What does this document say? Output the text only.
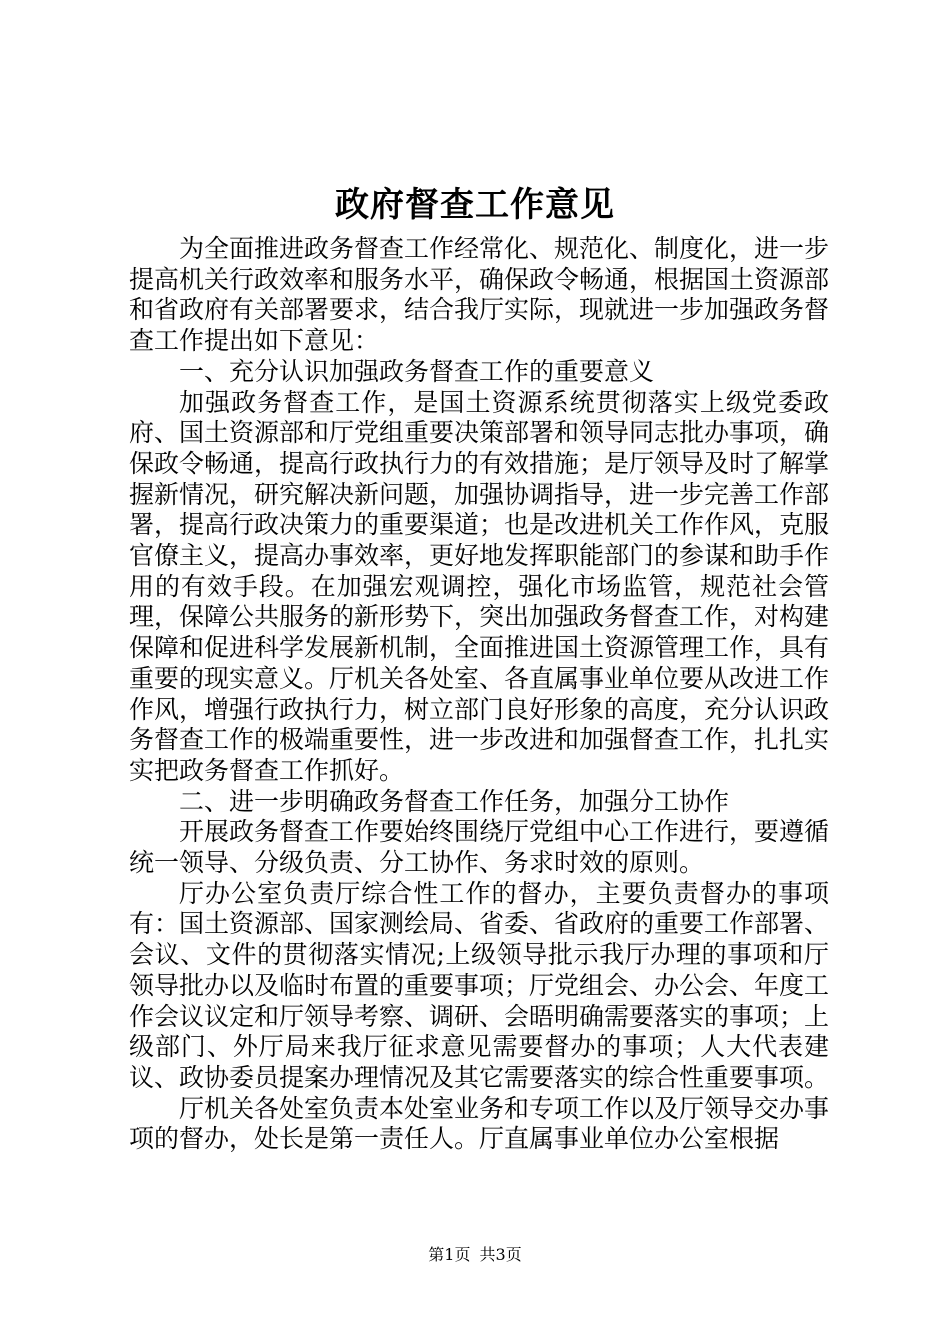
政府督查工作意见

为全面推进政务督查工作经常化、规范化、制度化，进一步提高机关行政效率和服务水平，确保政令畅通，根据国土资源部和省政府有关部署要求，结合我厅实际，现就进一步加强政务督查工作提出如下意见：

一、充分认识加强政务督查工作的重要意义

加强政务督查工作，是国土资源系统贯彻落实上级党委政府、国土资源部和厅党组重要决策部署和领导同志批办事项，确保政令畅通，提高行政执行力的有效措施；是厅领导及时了解掌握新情况，研究解决新问题，加强协调指导，进一步完善工作部署，提高行政决策力的重要渠道；也是改进机关工作作风，克服官僚主义，提高办事效率，更好地发挥职能部门的参谋和助手作用的有效手段。在加强宏观调控，强化市场监管，规范社会管理，保障公共服务的新形势下，突出加强政务督查工作，对构建保障和促进科学发展新机制，全面推进国土资源管理工作，具有重要的现实意义。厅机关各处室、各直属事业单位要从改进工作作风，增强行政执行力，树立部门良好形象的高度，充分认识政务督查工作的极端重要性，进一步改进和加强督查工作，扎扎实实把政务督查工作抓好。

二、进一步明确政务督查工作任务，加强分工协作

开展政务督查工作要始终围绕厅党组中心工作进行，要遵循统一领导、分级负责、分工协作、务求时效的原则。

厅办公室负责厅综合性工作的督办，主要负责督办的事项有：国土资源部、国家测绘局、省委、省政府的重要工作部署、会议、文件的贯彻落实情况;上级领导批示我厅办理的事项和厅领导批办以及临时布置的重要事项；厅党组会、办公会、年度工作会议议定和厅领导考察、调研、会晤明确需要落实的事项；上级部门、外厅局来我厅征求意见需要督办的事项；人大代表建议、政协委员提案办理情况及其它需要落实的综合性重要事项。

厅机关各处室负责本处室业务和专项工作以及厅领导交办事项的督办，处长是第一责任人。厅直属事业单位办公室根据

第1页 共3页
